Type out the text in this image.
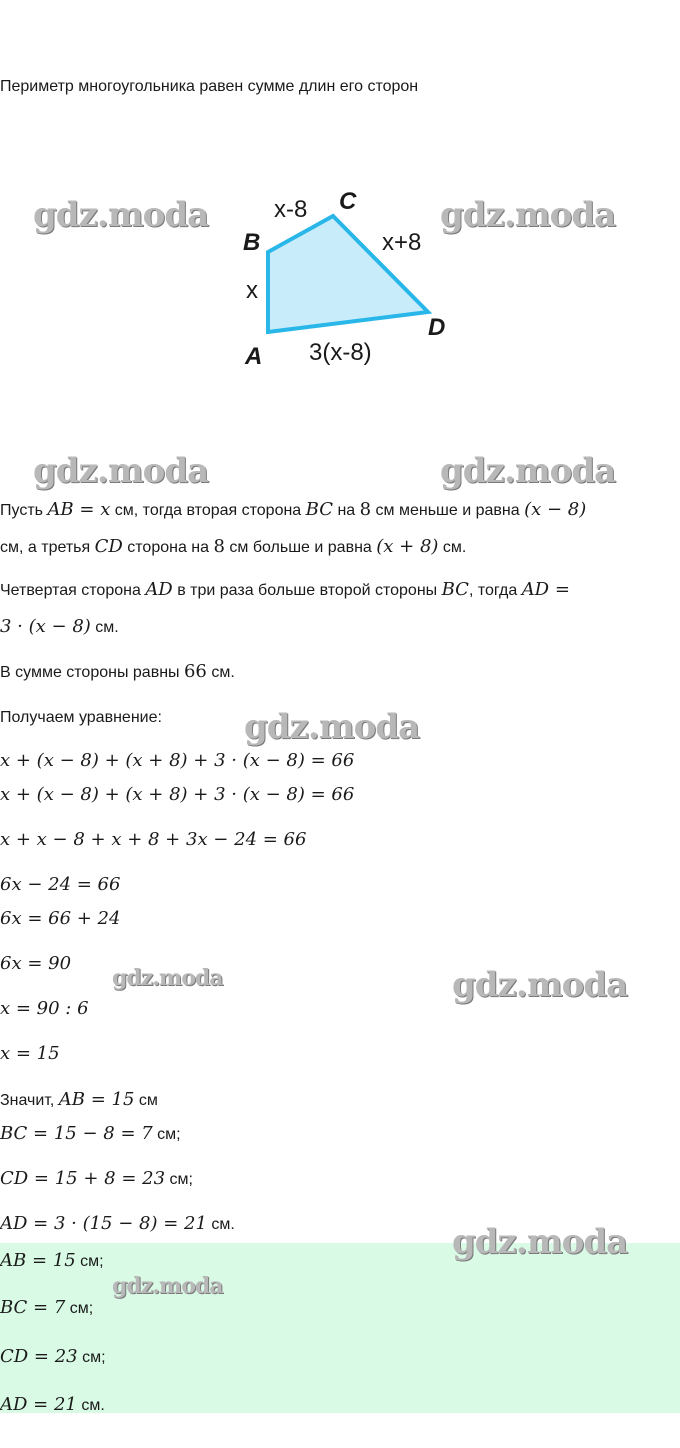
Периметр многоугольника равен сумме длин его сторон
A
B
C
D
x
x-8
x+8
3(x-8)
Пусть AB = x см, тогда вторая сторона BC на 8 см меньше и равна (x − 8)
см, а третья CD сторона на 8 см больше и равна (x + 8) см.
Четвертая сторона AD в три раза больше второй стороны BC, тогда AD =
3 · (x − 8) см.
В сумме стороны равны 66 см.
Получаем уравнение:
x + (x − 8) + (x + 8) + 3 · (x − 8) = 66
x + (x − 8) + (x + 8) + 3 · (x − 8) = 66
x + x − 8 + x + 8 + 3x − 24 = 66
6x − 24 = 66
6x = 66 + 24
6x = 90
x = 90 : 6
x = 15
Значит, AB = 15 см
BC = 15 − 8 = 7 см;
CD = 15 + 8 = 23 см;
AD = 3 · (15 − 8) = 21 см.
AB = 15 см;
BC = 7 см;
CD = 23 см;
AD = 21 см.
gdz.moda	gdz.moda
gdz.moda	gdz.moda
gdz.moda
gdz.moda	gdz.moda
gdz.moda
gdz.moda
